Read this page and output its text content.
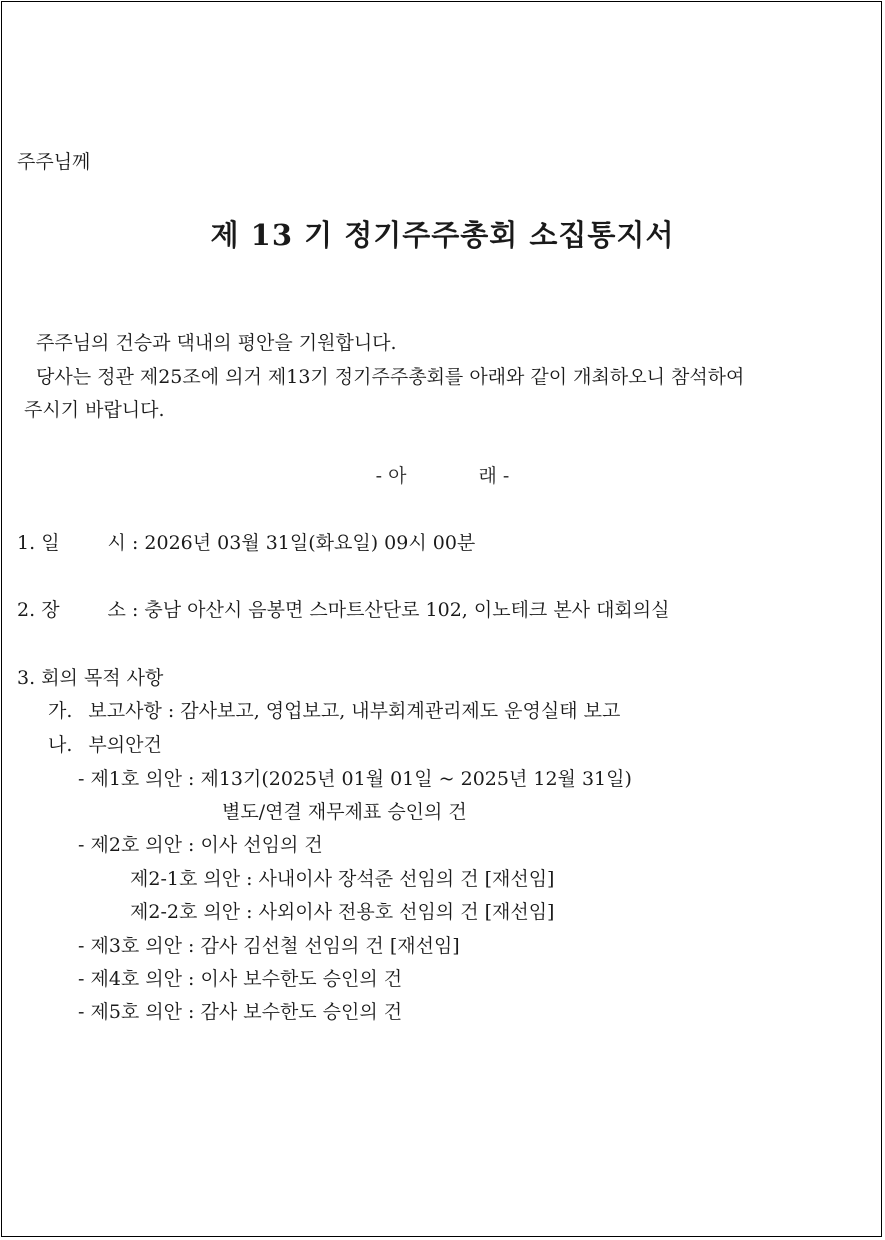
주주님께
제 13 기 정기주주총회 소집통지서
주주님의 건승과 댁내의 평안을 기원합니다.
당사는 정관 제25조에 의거 제13기 정기주주총회를 아래와 같이 개최하오니 참석하여
주시기 바랍니다.
- 아	래 -
1. 일	시 : 2026년 03월 31일(화요일) 09시 00분
2. 장	소 : 충남 아산시 음봉면 스마트산단로 102, 이노테크 본사 대회의실
3. 회의 목적 사항
가. 보고사항 : 감사보고, 영업보고, 내부회계관리제도 운영실태 보고
나. 부의안건
- 제1호 의안 : 제13기(2025년 01월 01일 ~ 2025년 12월 31일)
별도/연결 재무제표 승인의 건
- 제2호 의안 : 이사 선임의 건
제2-1호 의안 : 사내이사 장석준 선임의 건 [재선임]
제2-2호 의안 : 사외이사 전용호 선임의 건 [재선임]
- 제3호 의안 : 감사 김선철 선임의 건 [재선임]
- 제4호 의안 : 이사 보수한도 승인의 건
- 제5호 의안 : 감사 보수한도 승인의 건
